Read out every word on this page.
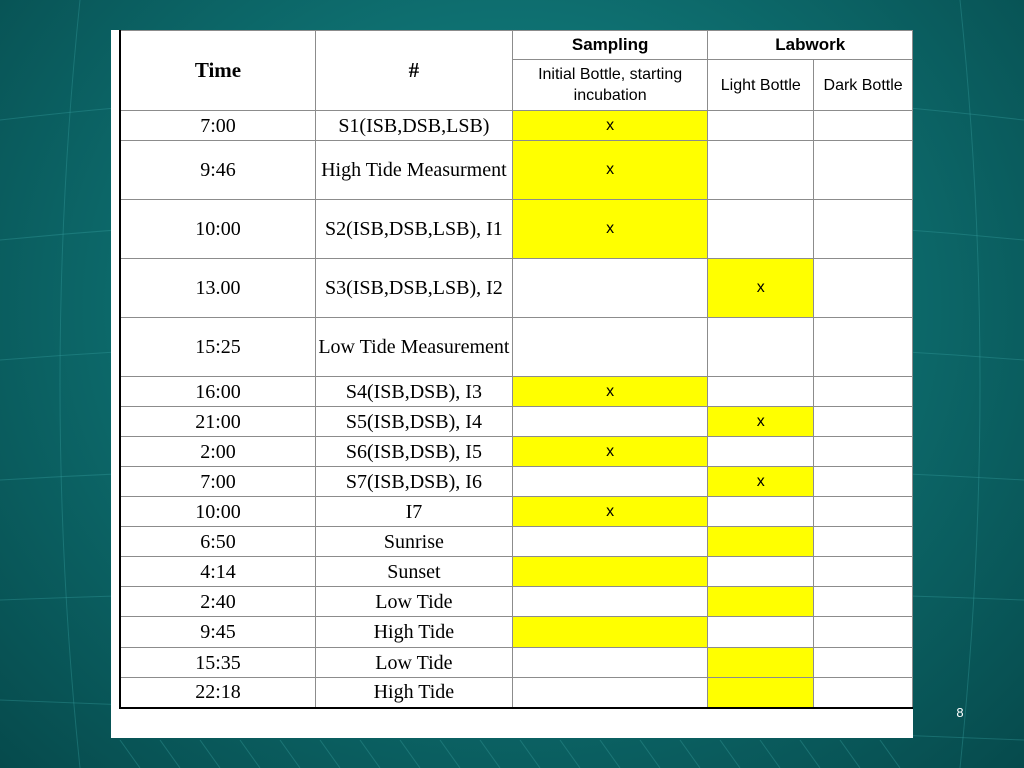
Time	#	Sampling	Labwork	
		Initial Bottle, starting incubation	Light Bottle	Dark Bottle
7:00	S1(ISB,DSB,LSB)	x		
9:46	High Tide Measurment	x		
10:00	S2(ISB,DSB,LSB), I1	x		
13.00	S3(ISB,DSB,LSB), I2		x	
15:25	Low Tide Measurement			
16:00	S4(ISB,DSB), I3	x		
21:00	S5(ISB,DSB), I4		x	
2:00	S6(ISB,DSB), I5	x		
7:00	S7(ISB,DSB), I6		x	
10:00	I7	x		
6:50	Sunrise			
4:14	Sunset			
2:40	Low Tide			
9:45	High Tide			
15:35	Low Tide			
22:18	High Tide			
8
